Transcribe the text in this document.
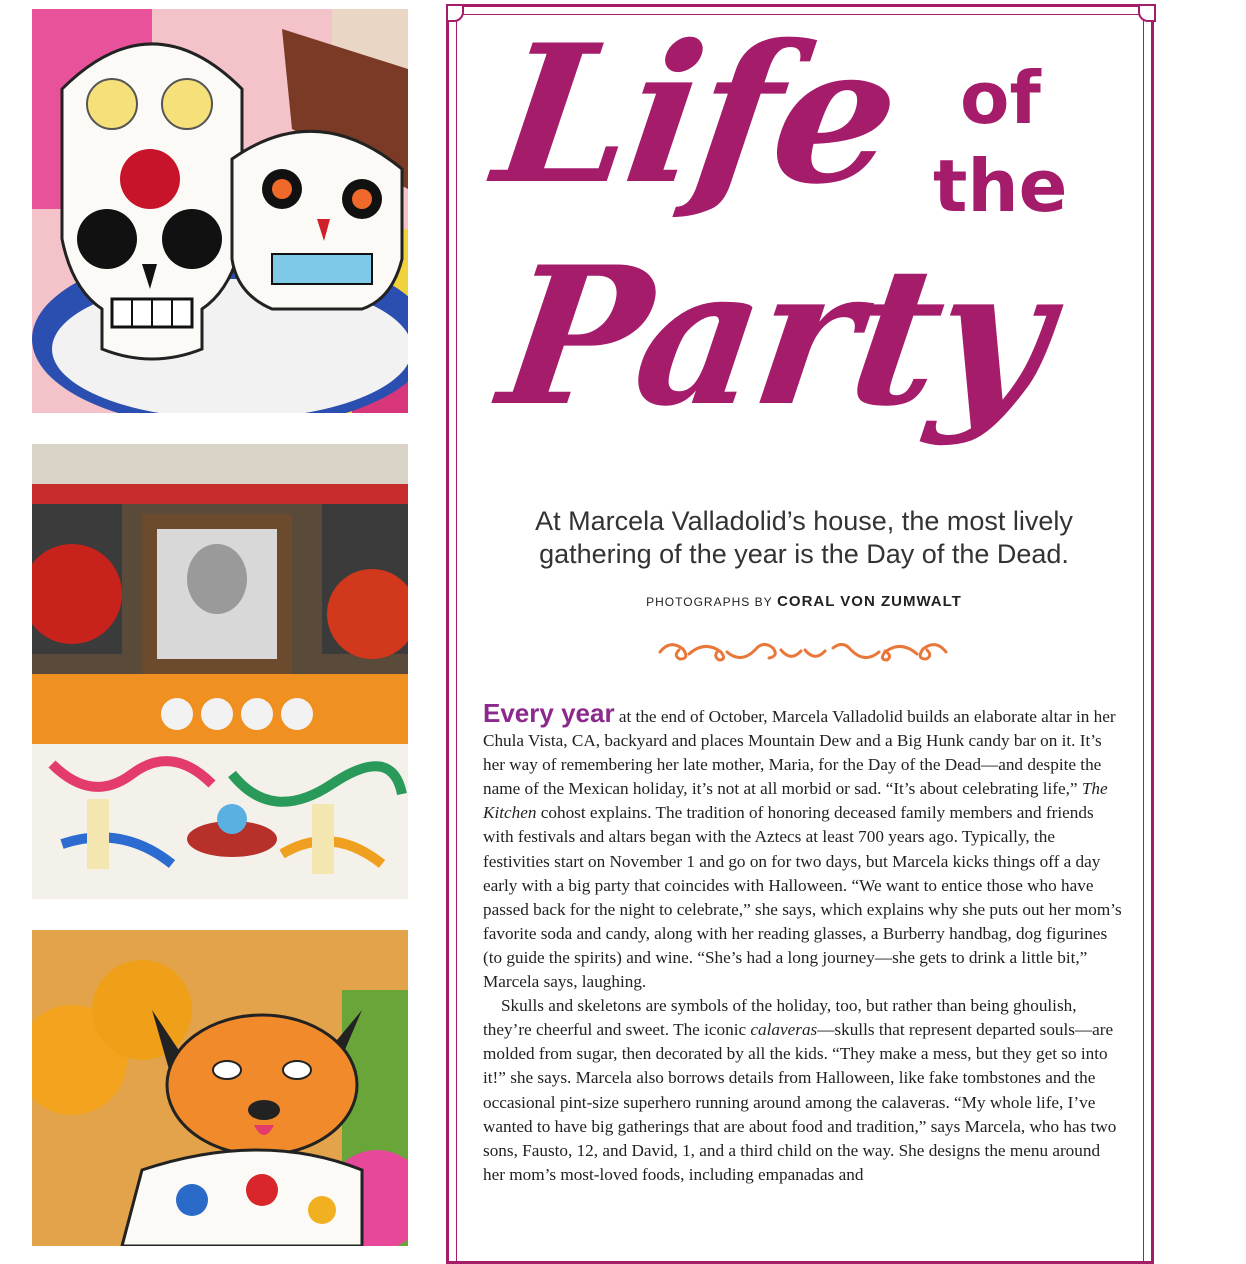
Life of
the
Party
At Marcela Valladolid’s house, the most lively gathering of the year is the Day of the Dead.
PHOTOGRAPHS BY CORAL VON ZUMWALT

Every year at the end of October, Marcela Valladolid builds an elaborate altar in her Chula Vista, CA, backyard and places Mountain Dew and a Big Hunk candy bar on it. It’s her way of remembering her late mother, Maria, for the Day of the Dead—and despite the name of the Mexican holiday, it’s not at all morbid or sad. “It’s about celebrating life,” The Kitchen cohost explains. The tradition of honoring deceased family members and friends with festivals and altars began with the Aztecs at least 700 years ago. Typically, the festivities start on November 1 and go on for two days, but Marcela kicks things off a day early with a big party that coincides with Halloween. “We want to entice those who have passed back for the night to celebrate,” she says, which explains why she puts out her mom’s favorite soda and candy, along with her reading glasses, a Burberry handbag, dog figurines (to guide the spirits) and wine. “She’s had a long journey—she gets to drink a little bit,” Marcela says, laughing.

Skulls and skeletons are symbols of the holiday, too, but rather than being ghoulish, they’re cheerful and sweet. The iconic calaveras—skulls that represent departed souls—are molded from sugar, then decorated by all the kids. “They make a mess, but they get so into it!” she says. Marcela also borrows details from Halloween, like fake tombstones and the occasional pint-size superhero running around among the calaveras. “My whole life, I’ve wanted to have big gatherings that are about food and tradition,” says Marcela, who has two sons, Fausto, 12, and David, 1, and a third child on the way. She designs the menu around her mom’s most-loved foods, including empanadas and
